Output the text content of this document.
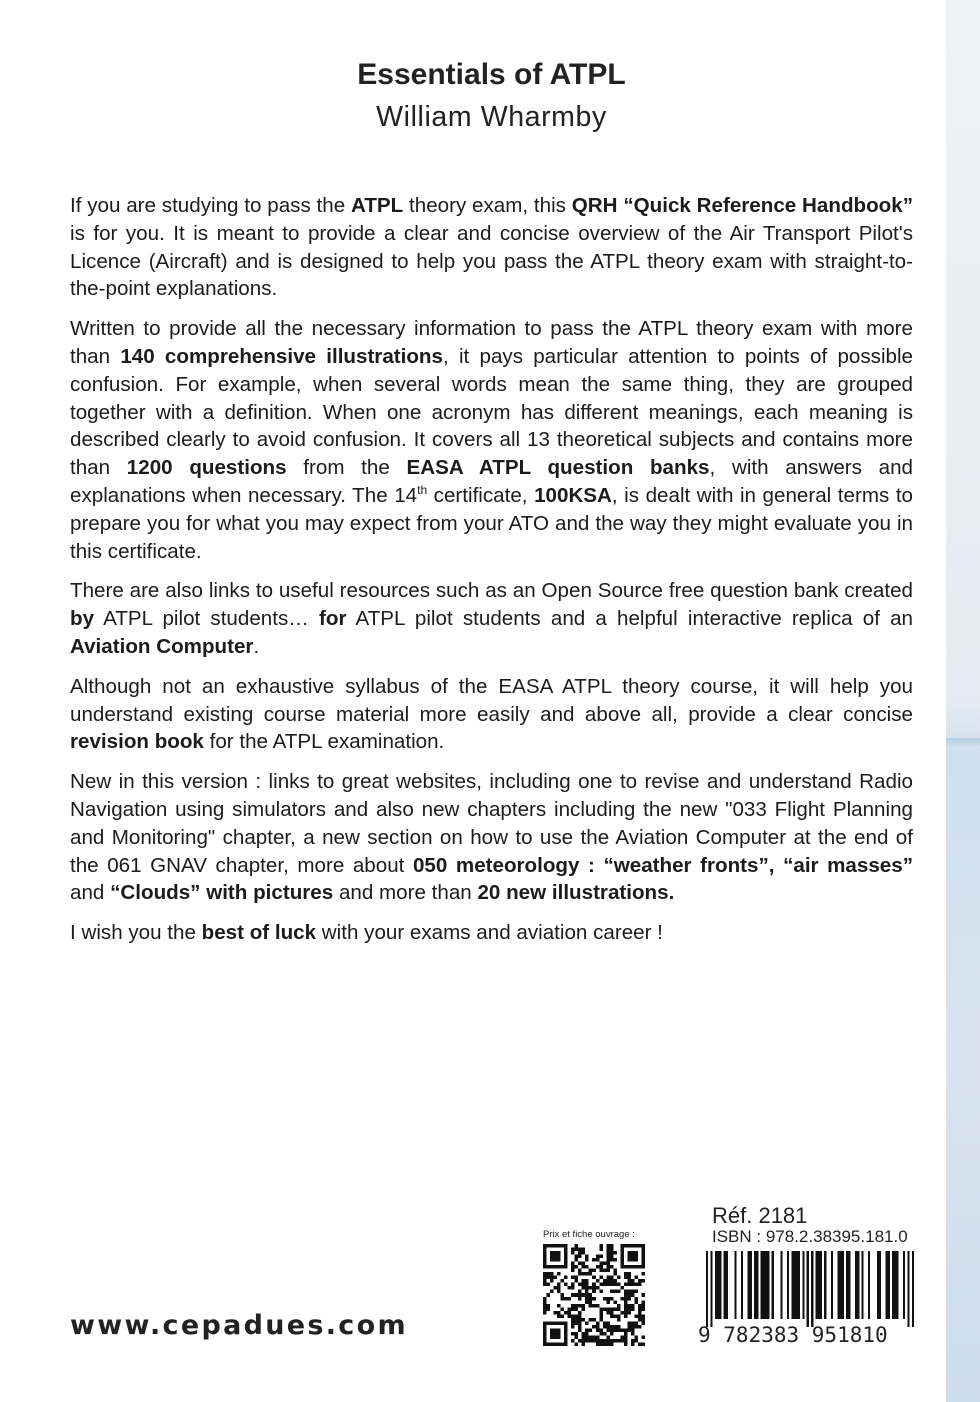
Essentials of ATPL
William Wharmby

If you are studying to pass the ATPL theory exam, this QRH “Quick Reference Handbook” is for you. It is meant to provide a clear and concise overview of the Air Transport Pilot's Licence (Aircraft) and is designed to help you pass the ATPL theory exam with straight-to-the-point explanations.

Written to provide all the necessary information to pass the ATPL theory exam with more than 140 comprehensive illustrations, it pays particular attention to points of possible confusion. For example, when several words mean the same thing, they are grouped together with a definition. When one acronym has different meanings, each meaning is described clearly to avoid confusion. It covers all 13 theoretical subjects and contains more than 1200 questions from the EASA ATPL question banks, with answers and explanations when necessary. The 14th certificate, 100KSA, is dealt with in general terms to prepare you for what you may expect from your ATO and the way they might evaluate you in this certificate.

There are also links to useful resources such as an Open Source free question bank created by ATPL pilot students… for ATPL pilot students and a helpful interactive replica of an Aviation Computer.

Although not an exhaustive syllabus of the EASA ATPL theory course, it will help you understand existing course material more easily and above all, provide a clear concise revision book for the ATPL examination.

New in this version : links to great websites, including one to revise and understand Radio Navigation using simulators and also new chapters including the new "033 Flight Planning and Monitoring" chapter, a new section on how to use the Aviation Computer at the end of the 061 GNAV chapter, more about 050 meteorology : “weather fronts”, “air masses” and “Clouds” with pictures and more than 20 new illustrations.

I wish you the best of luck with your exams and aviation career !

www.cepadues.com
Prix et fiche ouvrage :
Réf. 2181
ISBN : 978.2.38395.181.0
9 782383 951810
